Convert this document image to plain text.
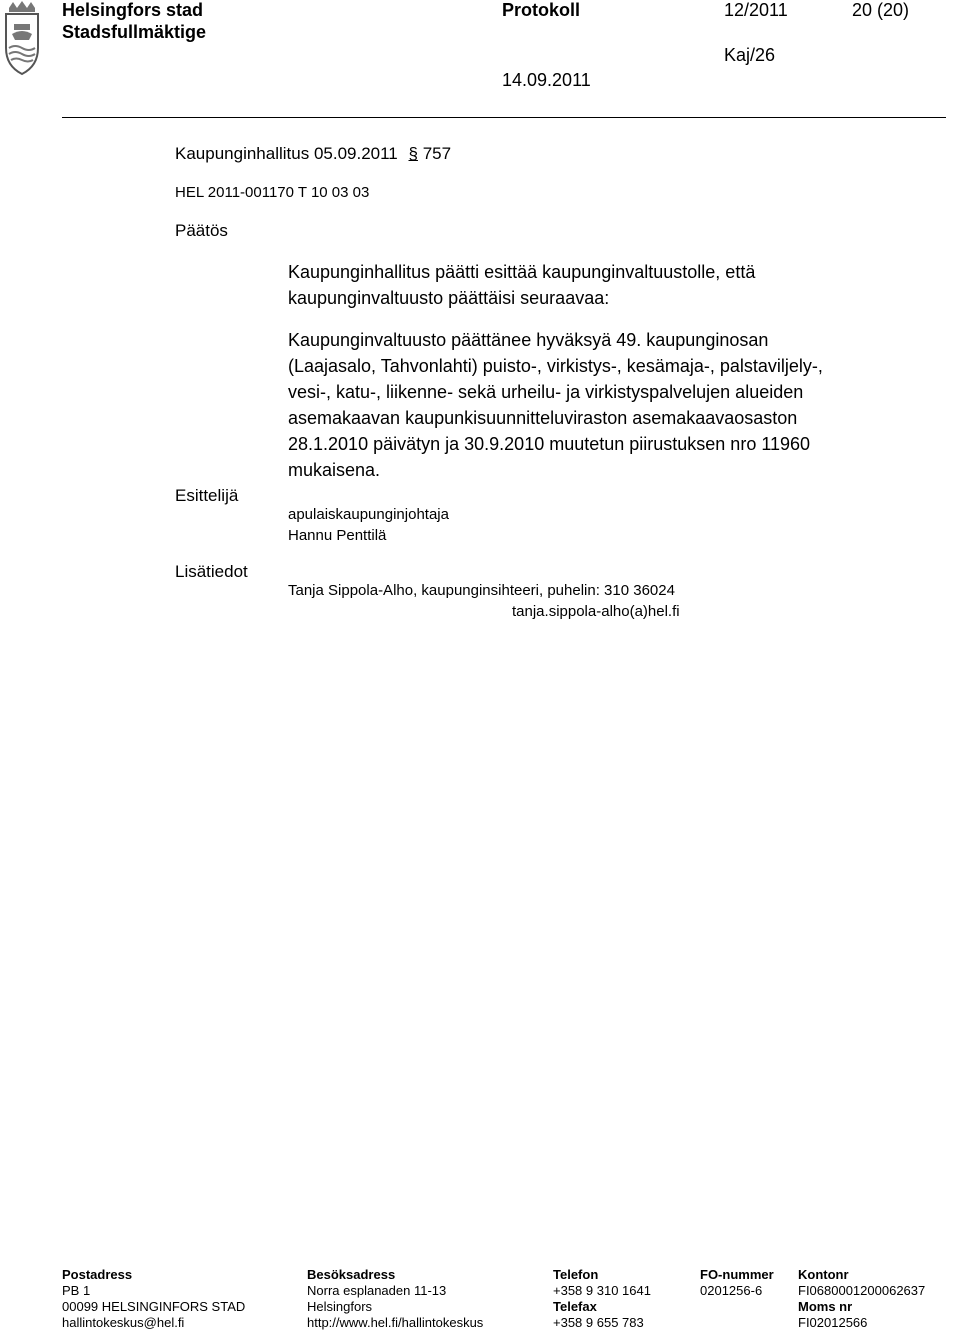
Helsingfors stad
Stadsfullmäktige
Protokoll	12/2011	20 (20)
Kaj/26
14.09.2011
Kaupunginhallitus 05.09.2011 § 757
HEL 2011-001170 T 10 03 03
Päätös
Kaupunginhallitus päätti esittää kaupunginvaltuustolle, että
kaupunginvaltuusto päättäisi seuraavaa:
Kaupunginvaltuusto päättänee hyväksyä 49. kaupunginosan
(Laajasalo, Tahvonlahti) puisto-, virkistys-, kesämaja-, palstaviljely-,
vesi-, katu-, liikenne- sekä urheilu- ja virkistyspalvelujen alueiden
asemakaavan kaupunkisuunnitteluviraston asemakaavaosaston
28.1.2010 päivätyn ja 30.9.2010 muutetun piirustuksen nro 11960
mukaisena.
Esittelijä
apulaiskaupunginjohtaja
Hannu Penttilä
Lisätiedot
Tanja Sippola-Alho, kaupunginsihteeri, puhelin: 310 36024
tanja.sippola-alho(a)hel.fi
Postadress
PB 1
00099 HELSINGINFORS STAD
hallintokeskus@hel.fi
Besöksadress
Norra esplanaden 11-13
Helsingfors
http://www.hel.fi/hallintokeskus
Telefon
+358 9 310 1641
Telefax
+358 9 655 783
FO-nummer
0201256-6
Kontonr
FI0680001200062637
Moms nr
FI02012566
